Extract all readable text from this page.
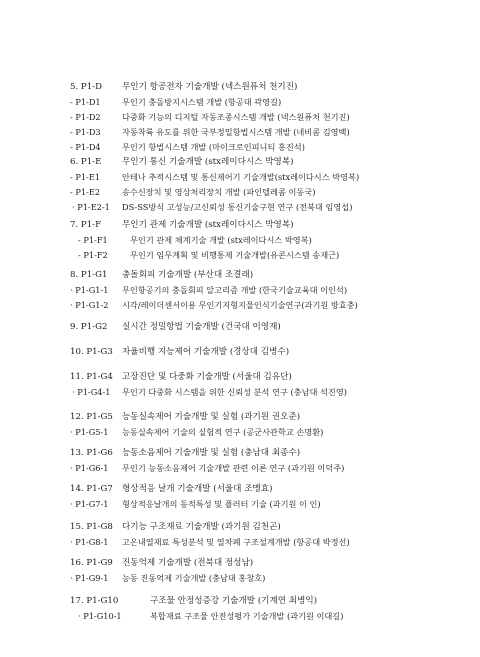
5. P1-D 무인기 항공전자 기술개발 (넥스원퓨처 천기진)
- P1-D1	무인기 충돌방지시스템 개발 (항공대 곽영길)
- P1-D2	다중화 기능의 디지털 자동조종시스템 개발 (넥스원퓨처 천기진)
- P1-D3	자동착륙 유도를 위한 국부정밀항법시스템 개발 (네비콤 김영백)
- P1-D4	무인기 항법시스템 개발 (마이크로인피니티 홍진석)
6. P1-E 무인기 통신 기술개발 (stx레이다시스 박영복)
- P1-E1	안테나 추적시스템 및 통신제어기 기술개발(stx레이다시스 박영복)
- P1-E2	송수신장치 및 영상처리장치 개발 (파인텔레콤 이동국)
· P1-E2-1 DS-SS방식 고성능/고신뢰성 통신기술구현 연구 (전북대 임영섭)
7. P1-F 무인기 관제 기술개발 (stx레이다시스 박영복)
- P1-F1	무인기 관제 체계기술 개발 (stx레이다시스 박영복)
- P1-F2	무인기 임무계획 및 비행통제 기술개발(유콘시스템 송재근)
8. P1-G1 충돌회피 기술개발 (부산대 조결래)
· P1-G1-1 무인항공기의 충돌회피 알고리즘 개발 (한국기술교육대 이인석)
· P1-G1-2 시각/레이더센서이용 무인기지형지물인식기술연구(과기원 방효충)
9. P1-G2 실시간 정밀항법 기술개발 (건국대 이영재)
10. P1-G3 자율비행 지능제어 기술개발 (경상대 김병수)
11. P1-G4 고장진단 및 다중화 기술개발 (서울대 김유단)
· P1-G4-1 무인기 다중화 시스템을 위한 신뢰성 분석 연구 (충남대 석진영)
12. P1-G5 능동실속제어 기술개발 및 실험 (과기원 권오준)
· P1-G5-1 능동실속제어 기술의 실험적 연구 (공군사관학교 손명환)
13. P1-G6 능동소음제어 기술개발 및 실험 (충남대 최종수)
· P1-G6-1 무인기 능동소음제어 기술개발 관련 이론 연구 (과기원 이덕주)
14. P1-G7 형상적응 날개 기술개발 (서울대 조맹효)
· P1-G7-1 형상적응날개의 동적특성 및 플러터 기술 (과기원 이 인)
15. P1-G8 다기능 구조재료 기술개발 (과기원 김천곤)
· P1-G8-1 고온내열재료 특성분석 및 열차폐 구조설계개발 (항공대 박정선)
16. P1-G9 진동억제 기술개발 (전북대 정성남)
· P1-G9-1 능동 진동억제 기술개발 (충남대 홍창호)
17. P1-G10	구조물 안정성증강 기술개발 (기계연 최병익)
· P1-G10-1	복합재료 구조물 안전성평가 기술개발 (과기원 이대길)
